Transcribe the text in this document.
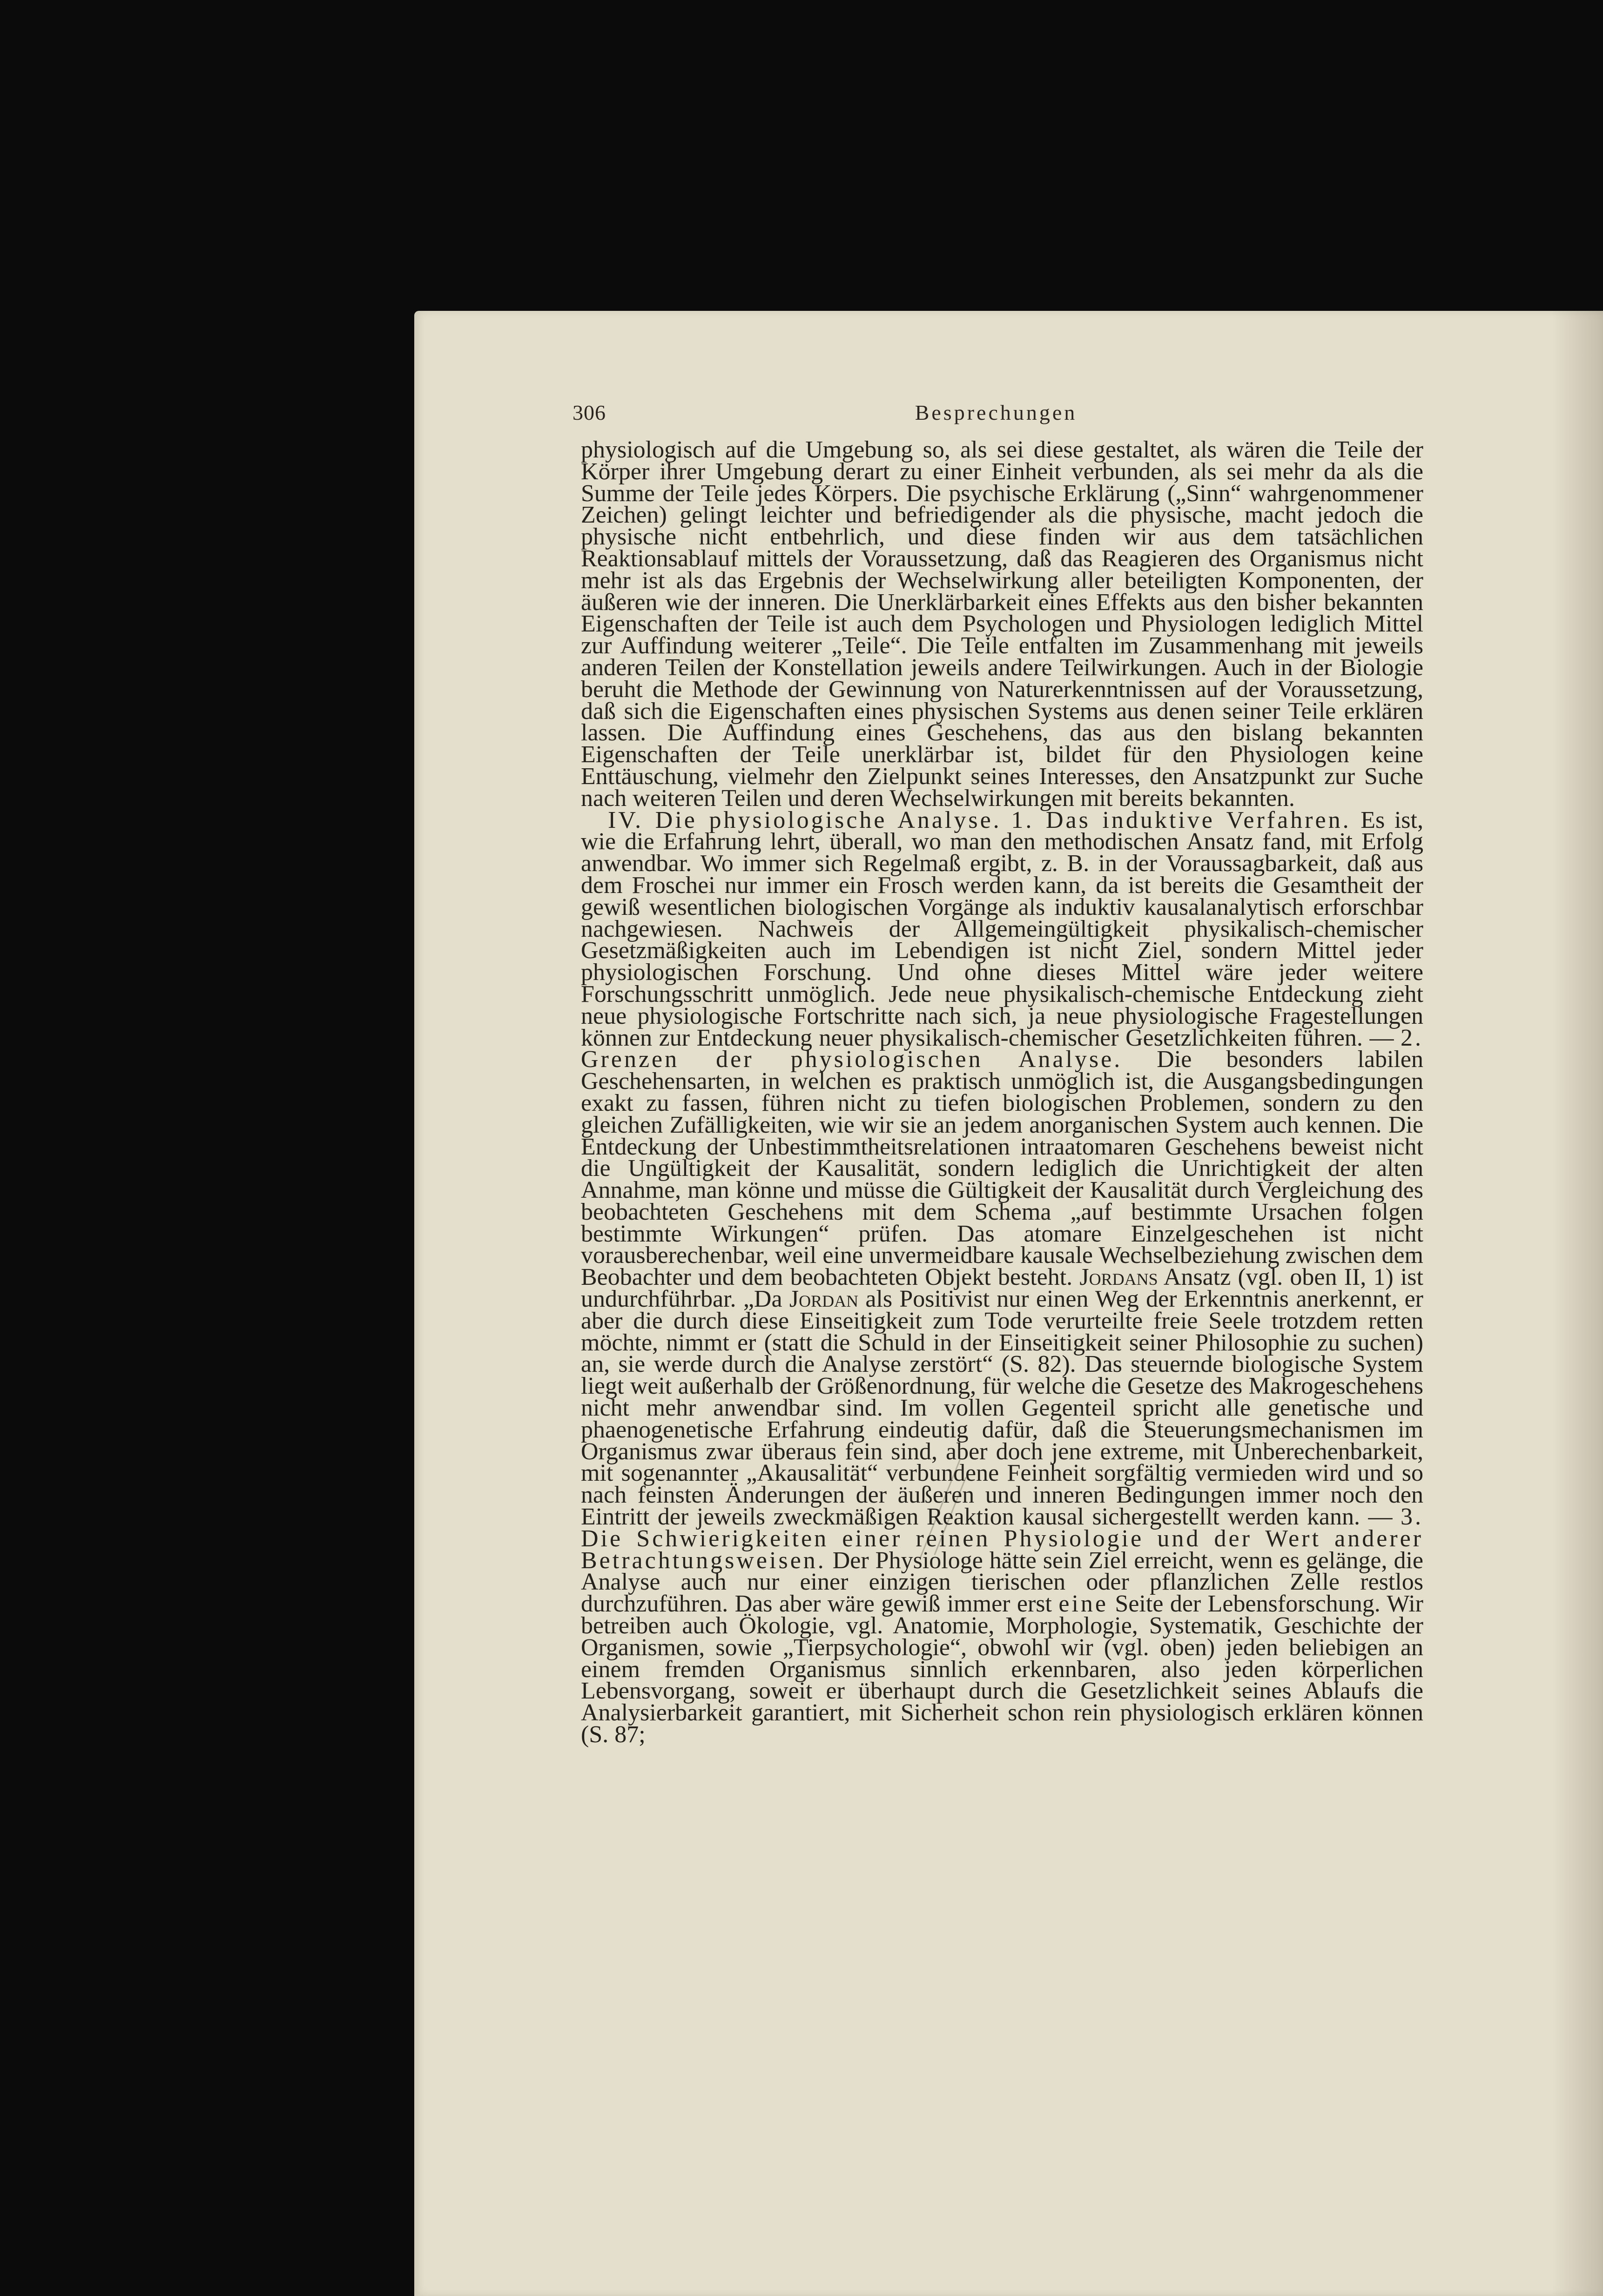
306	Besprechungen

physiologisch auf die Umgebung so, als sei diese gestaltet, als wären die Teile der Körper ihrer Umgebung derart zu einer Einheit verbunden, als sei mehr da als die Summe der Teile jedes Körpers. Die psychische Erklärung („Sinn“ wahrgenommener Zeichen) gelingt leichter und befriedigender als die physische, macht jedoch die physische nicht entbehrlich, und diese finden wir aus dem tatsächlichen Reaktionsablauf mittels der Voraussetzung, daß das Reagieren des Organismus nicht mehr ist als das Ergebnis der Wechselwirkung aller beteiligten Komponenten, der äußeren wie der inneren. Die Unerklärbarkeit eines Effekts aus den bisher bekannten Eigenschaften der Teile ist auch dem Psychologen und Physiologen lediglich Mittel zur Auffindung weiterer „Teile“. Die Teile entfalten im Zusammenhang mit jeweils anderen Teilen der Konstellation jeweils andere Teilwirkungen. Auch in der Biologie beruht die Methode der Gewinnung von Naturerkenntnissen auf der Voraussetzung, daß sich die Eigenschaften eines physischen Systems aus denen seiner Teile erklären lassen. Die Auffindung eines Geschehens, das aus den bislang bekannten Eigenschaften der Teile unerklärbar ist, bildet für den Physiologen keine Enttäuschung, vielmehr den Zielpunkt seines Interesses, den Ansatzpunkt zur Suche nach weiteren Teilen und deren Wechselwirkungen mit bereits bekannten.

IV. Die physiologische Analyse. 1. Das induktive Verfahren. Es ist, wie die Erfahrung lehrt, überall, wo man den methodischen Ansatz fand, mit Erfolg anwendbar. Wo immer sich Regelmaß ergibt, z. B. in der Voraussagbarkeit, daß aus dem Froschei nur immer ein Frosch werden kann, da ist bereits die Gesamtheit der gewiß wesentlichen biologischen Vorgänge als induktiv kausalanalytisch erforschbar nachgewiesen. Nachweis der Allgemeingültigkeit physikalisch-chemischer Gesetzmäßigkeiten auch im Lebendigen ist nicht Ziel, sondern Mittel jeder physiologischen Forschung. Und ohne dieses Mittel wäre jeder weitere Forschungsschritt unmöglich. Jede neue physikalisch-chemische Entdeckung zieht neue physiologische Fortschritte nach sich, ja neue physiologische Fragestellungen können zur Entdeckung neuer physikalisch-chemischer Gesetzlichkeiten führen. — 2. Grenzen der physiologischen Analyse. Die besonders labilen Geschehensarten, in welchen es praktisch unmöglich ist, die Ausgangsbedingungen exakt zu fassen, führen nicht zu tiefen biologischen Problemen, sondern zu den gleichen Zufälligkeiten, wie wir sie an jedem anorganischen System auch kennen. Die Entdeckung der Unbestimmtheitsrelationen intraatomaren Geschehens beweist nicht die Ungültigkeit der Kausalität, sondern lediglich die Unrichtigkeit der alten Annahme, man könne und müsse die Gültigkeit der Kausalität durch Vergleichung des beobachteten Geschehens mit dem Schema „auf bestimmte Ursachen folgen bestimmte Wirkungen“ prüfen. Das atomare Einzelgeschehen ist nicht vorausberechenbar, weil eine unvermeidbare kausale Wechselbeziehung zwischen dem Beobachter und dem beobachteten Objekt besteht. Jordans Ansatz (vgl. oben II, 1) ist undurchführbar. „Da Jordan als Positivist nur einen Weg der Erkenntnis anerkennt, er aber die durch diese Einseitigkeit zum Tode verurteilte freie Seele trotzdem retten möchte, nimmt er (statt die Schuld in der Einseitigkeit seiner Philosophie zu suchen) an, sie werde durch die Analyse zerstört“ (S. 82). Das steuernde biologische System liegt weit außerhalb der Größenordnung, für welche die Gesetze des Makrogeschehens nicht mehr anwendbar sind. Im vollen Gegenteil spricht alle genetische und phaenogenetische Erfahrung eindeutig dafür, daß die Steuerungsmechanismen im Organismus zwar überaus fein sind, aber doch jene extreme, mit Unberechenbarkeit, mit sogenannter „Akausalität“ verbundene Feinheit sorgfältig vermieden wird und so nach feinsten Änderungen der äußeren und inneren Bedingungen immer noch den Eintritt der jeweils zweckmäßigen Reaktion kausal sichergestellt werden kann. — 3. Die Schwierigkeiten einer reinen Physiologie und der Wert anderer Betrachtungsweisen. Der Physiologe hätte sein Ziel erreicht, wenn es gelänge, die Analyse auch nur einer einzigen tierischen oder pflanzlichen Zelle restlos durchzuführen. Das aber wäre gewiß immer erst eine Seite der Lebensforschung. Wir betreiben auch Ökologie, vgl. Anatomie, Morphologie, Systematik, Geschichte der Organismen, sowie „Tierpsychologie“, obwohl wir (vgl. oben) jeden beliebigen an einem fremden Organismus sinnlich erkennbaren, also jeden körperlichen Lebensvorgang, soweit er überhaupt durch die Gesetzlichkeit seines Ablaufs die Analysierbarkeit garantiert, mit Sicherheit schon rein physiologisch erklären können (S. 87;
